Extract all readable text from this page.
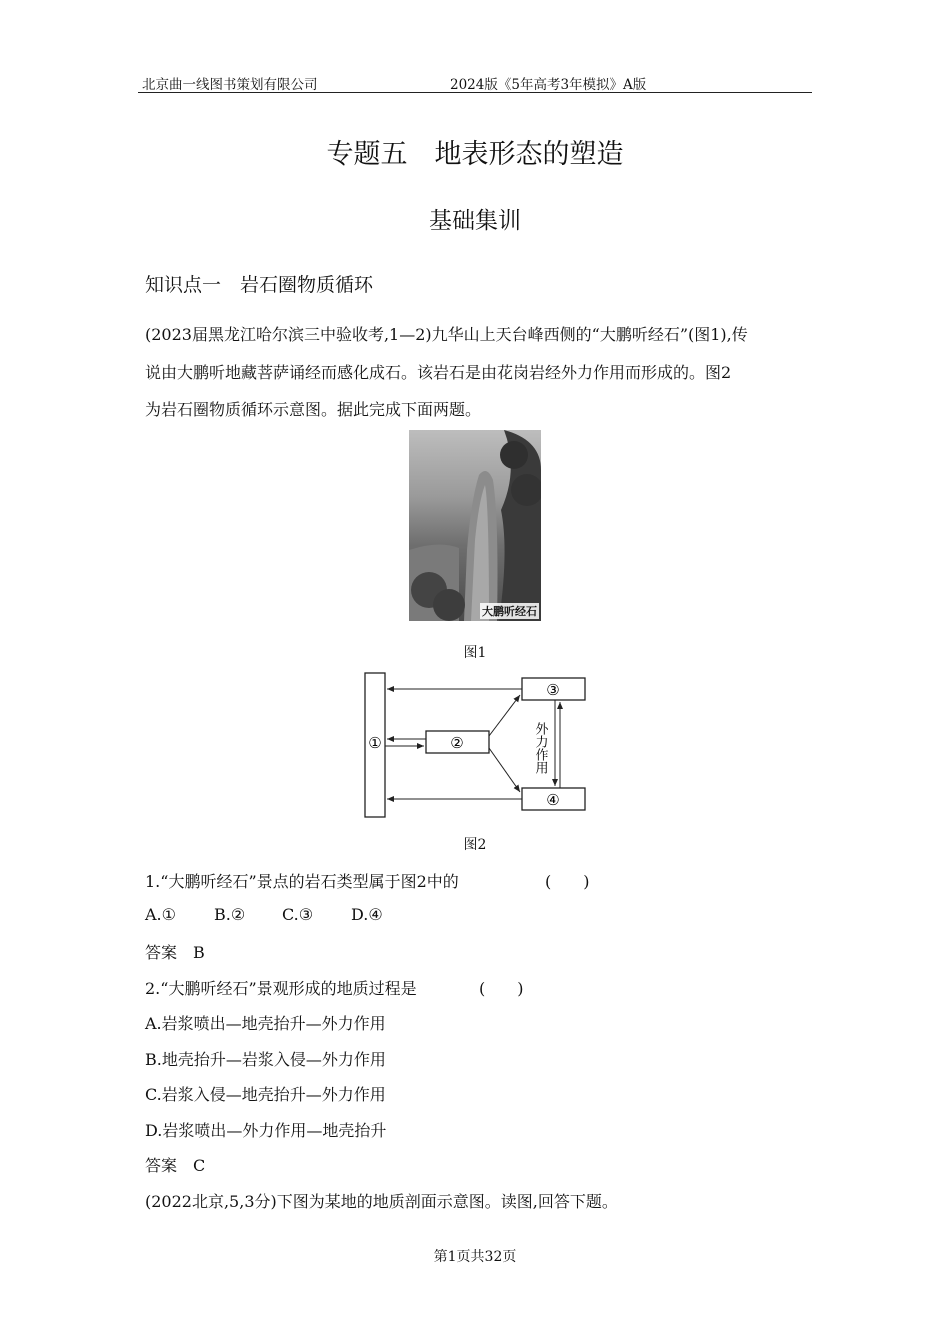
北京曲一线图书策划有限公司	2024版《5年高考3年模拟》A版
专题五　地表形态的塑造
基础集训
知识点一　岩石圈物质循环
(2023届黑龙江哈尔滨三中验收考,1—2)九华山上天台峰西侧的“大鹏听经石”(图1),传
说由大鹏听地藏菩萨诵经而感化成石。该岩石是由花岗岩经外力作用而形成的。图2
为岩石圈物质循环示意图。据此完成下面两题。
大鹏听经石
图1
①	②
③
④
外力作用
图2
1.“大鹏听经石”景点的岩石类型属于图2中的	(　　)
A.① B.② C.③ D.④
答案　B
2.“大鹏听经石”景观形成的地质过程是	(　　)
A.岩浆喷出—地壳抬升—外力作用
B.地壳抬升—岩浆入侵—外力作用
C.岩浆入侵—地壳抬升—外力作用
D.岩浆喷出—外力作用—地壳抬升
答案　C
(2022北京,5,3分)下图为某地的地质剖面示意图。读图,回答下题。
第1页共32页
